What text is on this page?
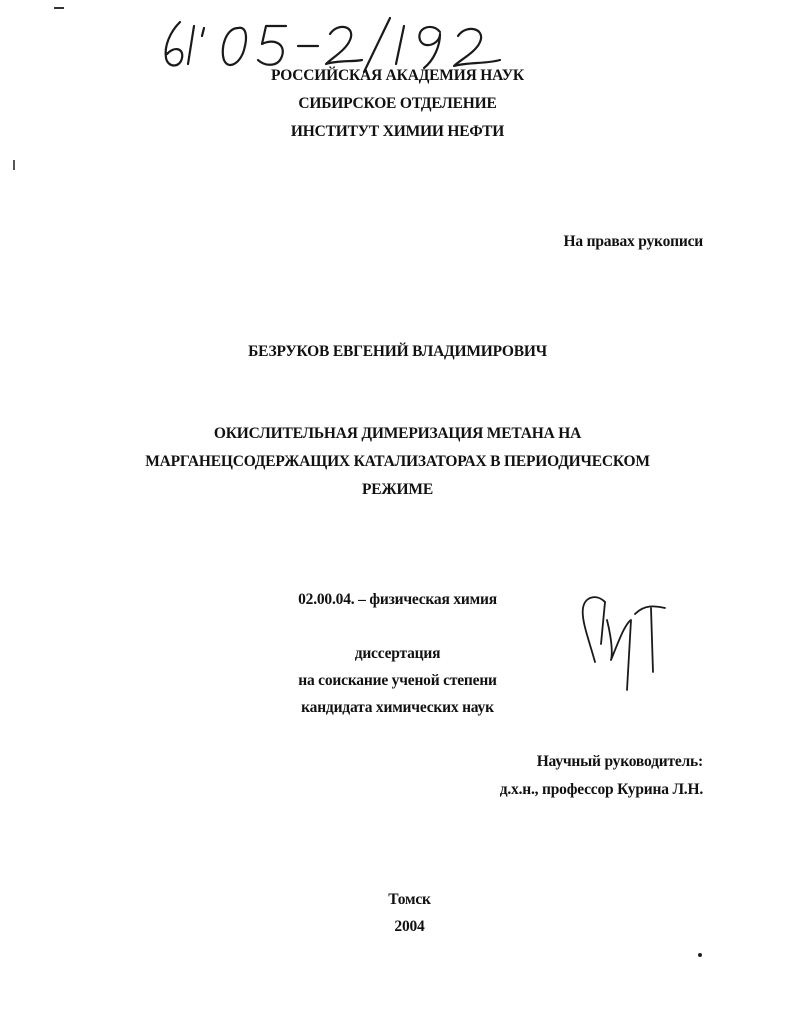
РОССИЙСКАЯ АКАДЕМИЯ НАУК
СИБИРСКОЕ ОТДЕЛЕНИЕ
ИНСТИТУТ ХИМИИ НЕФТИ
На правах рукописи
БЕЗРУКОВ ЕВГЕНИЙ ВЛАДИМИРОВИЧ
ОКИСЛИТЕЛЬНАЯ ДИМЕРИЗАЦИЯ МЕТАНА НА
МАРГАНЕЦСОДЕРЖАЩИХ КАТАЛИЗАТОРАХ В ПЕРИОДИЧЕСКОМ
РЕЖИМЕ
02.00.04. – физическая химия
диссертация
на соискание ученой степени
кандидата химических наук
Научный руководитель:
д.х.н., профессор Курина Л.Н.
Томск
2004
